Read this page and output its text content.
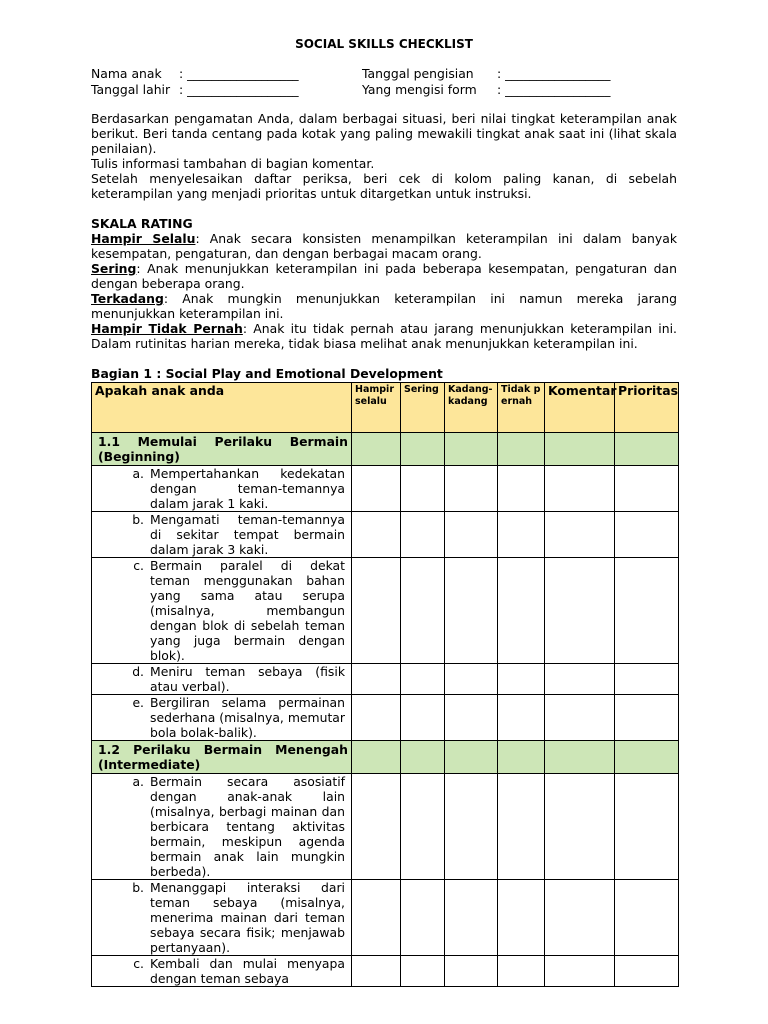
SOCIAL SKILLS CHECKLIST
Nama anak	: __________________	Tanggal pengisian	: _________________
Tanggal lahir : __________________	Yang mengisi form	: _________________

Berdasarkan pengamatan Anda, dalam berbagai situasi, beri nilai tingkat keterampilan anak berikut. Beri tanda centang pada kotak yang paling mewakili tingkat anak saat ini (lihat skala penilaian).

Tulis informasi tambahan di bagian komentar.

Setelah menyelesaikan daftar periksa, beri cek di kolom paling kanan, di sebelah keterampilan yang menjadi prioritas untuk ditargetkan untuk instruksi.

SKALA RATING

Hampir Selalu: Anak secara konsisten menampilkan keterampilan ini dalam banyak kesempatan, pengaturan, dan dengan berbagai macam orang.

Sering: Anak menunjukkan keterampilan ini pada beberapa kesempatan, pengaturan dan dengan beberapa orang.

Terkadang: Anak mungkin menunjukkan keterampilan ini namun mereka jarang menunjukkan keterampilan ini.

Hampir Tidak Pernah: Anak itu tidak pernah atau jarang menunjukkan keterampilan ini. Dalam rutinitas harian mereka, tidak biasa melihat anak menunjukkan keterampilan ini.

Bagian 1 : Social Play and Emotional Development
Apakah anak anda	Hampir selalu	Sering	Kadang-kadang	Tidak pernah	Komentar	Prioritas
1.1 Memulai Perilaku Bermain (Beginning)						

a. Mempertahankan kedekatan dengan teman-temannya dalam jarak 1 kaki.						

b. Mengamati teman-temannya di sekitar tempat bermain dalam jarak 3 kaki.						

c. Bermain paralel di dekat teman menggunakan bahan yang sama atau serupa (misalnya, membangun dengan blok di sebelah teman yang juga bermain dengan blok).						

d. Meniru teman sebaya (fisik atau verbal).						

e. Bergiliran selama permainan sederhana (misalnya, memutar bola bolak-balik).						

1.2 Perilaku Bermain Menengah (Intermediate)						

a. Bermain secara asosiatif dengan anak-anak lain (misalnya, berbagi mainan dan berbicara tentang aktivitas bermain, meskipun agenda bermain anak lain mungkin berbeda).						

b. Menanggapi interaksi dari teman sebaya (misalnya, menerima mainan dari teman sebaya secara fisik; menjawab pertanyaan).						

c. Kembali dan mulai menyapa dengan teman sebaya						
